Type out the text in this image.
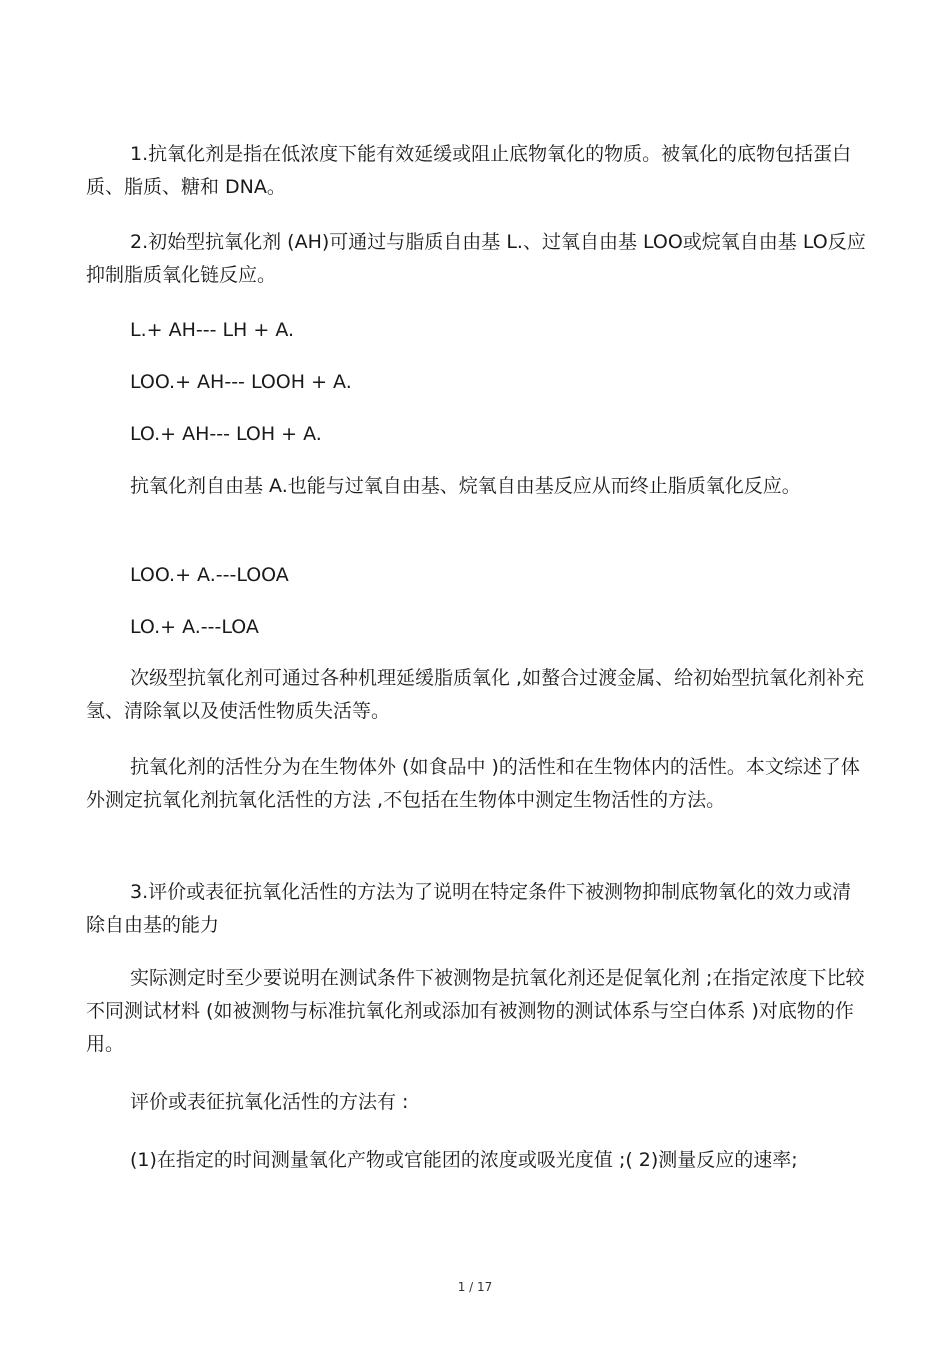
1.抗氧化剂是指在低浓度下能有效延缓或阻止底物氧化的物质。被氧化的底物包括蛋白质、脂质、糖和 DNA。

2.初始型抗氧化剂 (AH)可通过与脂质自由基 L.、过氧自由基 LOO或烷氧自由基 LO反应抑制脂质氧化链反应。

L.+ AH--- LH + A.

LOO.+ AH--- LOOH + A.

LO.+ AH--- LOH + A.

抗氧化剂自由基 A.也能与过氧自由基、烷氧自由基反应从而终止脂质氧化反应。

LOO.+ A.---LOOA

LO.+ A.---LOA

次级型抗氧化剂可通过各种机理延缓脂质氧化 ,如螯合过渡金属、给初始型抗氧化剂补充氢、清除氧以及使活性物质失活等。

抗氧化剂的活性分为在生物体外 (如食品中 )的活性和在生物体内的活性。本文综述了体外测定抗氧化剂抗氧化活性的方法 ,不包括在生物体中测定生物活性的方法。

3.评价或表征抗氧化活性的方法为了说明在特定条件下被测物抑制底物氧化的效力或清除自由基的能力

实际测定时至少要说明在测试条件下被测物是抗氧化剂还是促氧化剂 ;在指定浓度下比较不同测试材料 (如被测物与标准抗氧化剂或添加有被测物的测试体系与空白体系 )对底物的作用。

评价或表征抗氧化活性的方法有 :

(1)在指定的时间测量氧化产物或官能团的浓度或吸光度值 ;( 2)测量反应的速率;

1 / 17
